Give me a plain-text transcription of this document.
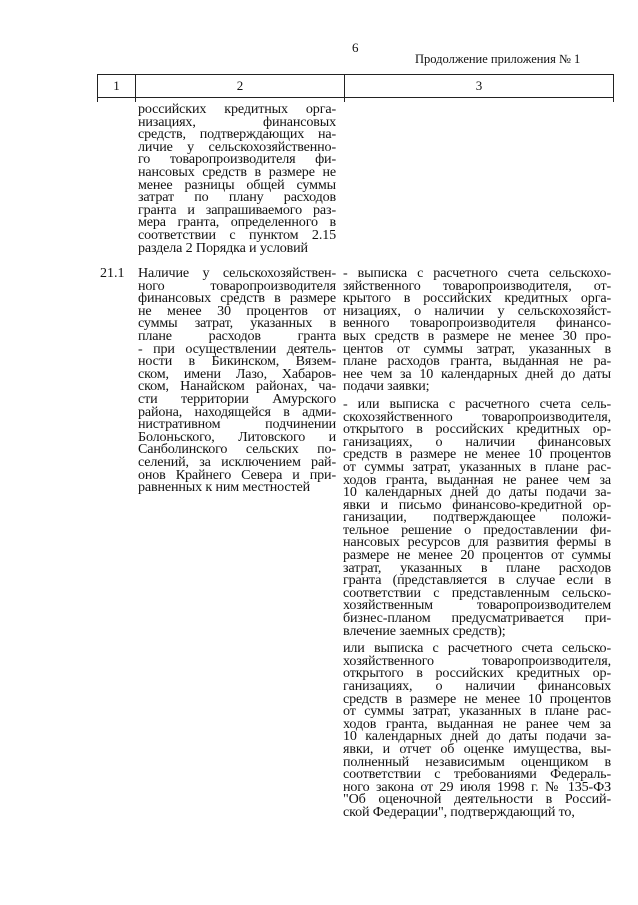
6
Продолжение приложения № 1
1	2	3
российских кредитных орга-
низациях, финансовых
средств, подтверждающих на-
личие у сельскохозяйственно-
го товаропроизводителя фи-
нансовых средств в размере не
менее разницы общей суммы
затрат по плану расходов
гранта и запрашиваемого раз-
мера гранта, определенного в
соответствии с пунктом 2.15
раздела 2 Порядка и условий
21.1 Наличие у сельскохозяйствен-
ного товаропроизводителя
финансовых средств в размере
не менее 30 процентов от
суммы затрат, указанных в
плане расходов гранта
- при осуществлении деятель-
ности в Бикинском, Вязем-
ском, имени Лазо, Хабаров-
ском, Нанайском районах, ча-
сти территории Амурского
района, находящейся в адми-
нистративном подчинении
Болоньского, Литовского и
Санболинского сельских по-
селений, за исключением рай-
онов Крайнего Севера и при-
равненных к ним местностей
- выписка с расчетного счета сельскохо-
зяйственного товаропроизводителя, от-
крытого в российских кредитных орга-
низациях, о наличии у сельскохозяйст-
венного товаропроизводителя финансо-
вых средств в размере не менее 30 про-
центов от суммы затрат, указанных в
плане расходов гранта, выданная не ра-
нее чем за 10 календарных дней до даты
подачи заявки;
- или выписка с расчетного счета сель-
скохозяйственного товаропроизводителя,
открытого в российских кредитных ор-
ганизациях, о наличии финансовых
средств в размере не менее 10 процентов
от суммы затрат, указанных в плане рас-
ходов гранта, выданная не ранее чем за
10 календарных дней до даты подачи за-
явки и письмо финансово-кредитной ор-
ганизации, подтверждающее положи-
тельное решение о предоставлении фи-
нансовых ресурсов для развития фермы в
размере не менее 20 процентов от суммы
затрат, указанных в плане расходов
гранта (представляется в случае если в
соответствии с представленным сельско-
хозяйственным товаропроизводителем
бизнес-планом предусматривается при-
влечение заемных средств);
или выписка с расчетного счета сельско-
хозяйственного товаропроизводителя,
открытого в российских кредитных ор-
ганизациях, о наличии финансовых
средств в размере не менее 10 процентов
от суммы затрат, указанных в плане рас-
ходов гранта, выданная не ранее чем за
10 календарных дней до даты подачи за-
явки, и отчет об оценке имущества, вы-
полненный независимым оценщиком в
соответствии с требованиями Федераль-
ного закона от 29 июля 1998 г. № 135-ФЗ
"Об оценочной деятельности в Россий-
ской Федерации", подтверждающий то,
